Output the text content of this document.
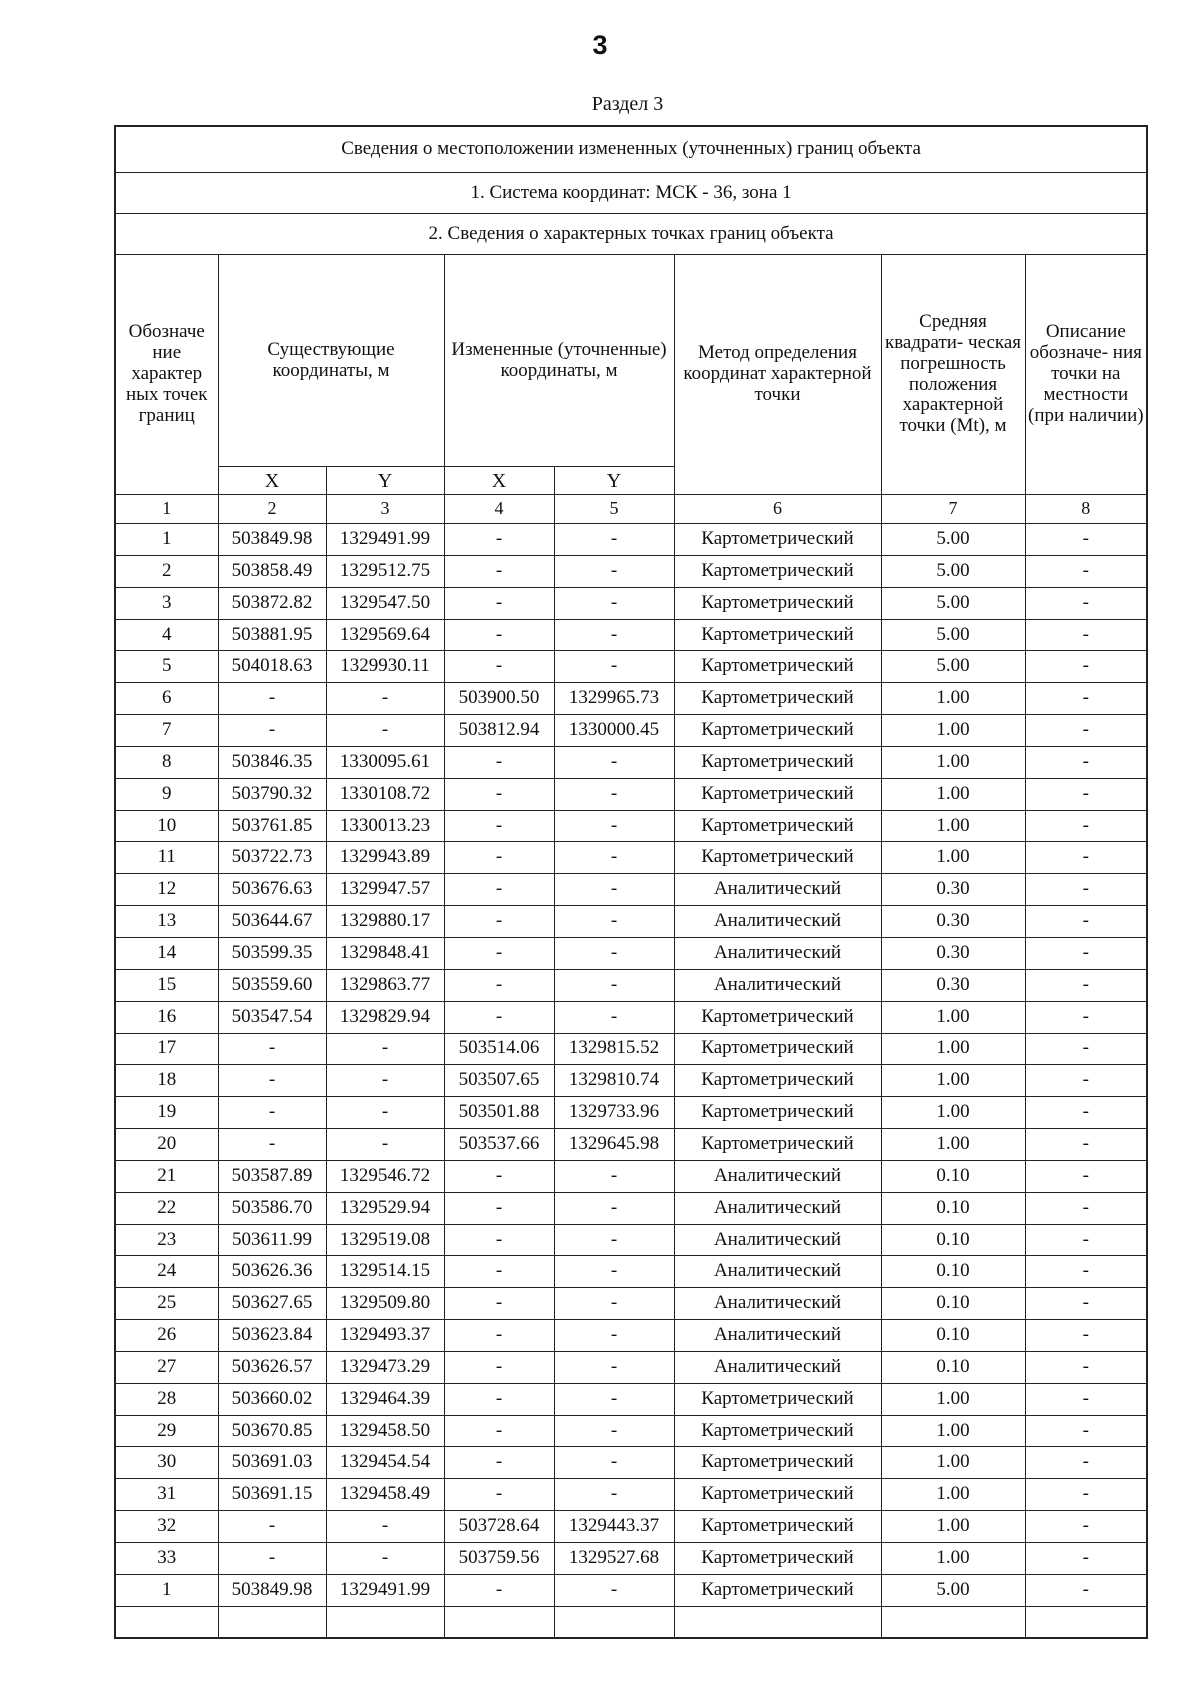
3
Раздел 3
Сведения о местоположении измененных (уточненных) границ объекта							
1. Система координат: МСК - 36, зона 1							
2. Сведения о характерных точках границ объекта							
Обозначе ние характер ных точек границ	Существующие координаты, м		Измененные (уточненные) координаты, м		Метод определения координат характерной точки	Средняя квадрати- ческая погрешность положения характерной точки (Mt), м	Описание обозначе- ния точки на местности (при наличии)
	X	Y	X	Y			
1	2	3	4	5	6	7	8
1	503849.98	1329491.99	-	-	Картометрический	5.00	-
2	503858.49	1329512.75	-	-	Картометрический	5.00	-
3	503872.82	1329547.50	-	-	Картометрический	5.00	-
4	503881.95	1329569.64	-	-	Картометрический	5.00	-
5	504018.63	1329930.11	-	-	Картометрический	5.00	-
6	-	-	503900.50	1329965.73	Картометрический	1.00	-
7	-	-	503812.94	1330000.45	Картометрический	1.00	-
8	503846.35	1330095.61	-	-	Картометрический	1.00	-
9	503790.32	1330108.72	-	-	Картометрический	1.00	-
10	503761.85	1330013.23	-	-	Картометрический	1.00	-
11	503722.73	1329943.89	-	-	Картометрический	1.00	-
12	503676.63	1329947.57	-	-	Аналитический	0.30	-
13	503644.67	1329880.17	-	-	Аналитический	0.30	-
14	503599.35	1329848.41	-	-	Аналитический	0.30	-
15	503559.60	1329863.77	-	-	Аналитический	0.30	-
16	503547.54	1329829.94	-	-	Картометрический	1.00	-
17	-	-	503514.06	1329815.52	Картометрический	1.00	-
18	-	-	503507.65	1329810.74	Картометрический	1.00	-
19	-	-	503501.88	1329733.96	Картометрический	1.00	-
20	-	-	503537.66	1329645.98	Картометрический	1.00	-
21	503587.89	1329546.72	-	-	Аналитический	0.10	-
22	503586.70	1329529.94	-	-	Аналитический	0.10	-
23	503611.99	1329519.08	-	-	Аналитический	0.10	-
24	503626.36	1329514.15	-	-	Аналитический	0.10	-
25	503627.65	1329509.80	-	-	Аналитический	0.10	-
26	503623.84	1329493.37	-	-	Аналитический	0.10	-
27	503626.57	1329473.29	-	-	Аналитический	0.10	-
28	503660.02	1329464.39	-	-	Картометрический	1.00	-
29	503670.85	1329458.50	-	-	Картометрический	1.00	-
30	503691.03	1329454.54	-	-	Картометрический	1.00	-
31	503691.15	1329458.49	-	-	Картометрический	1.00	-
32	-	-	503728.64	1329443.37	Картометрический	1.00	-
33	-	-	503759.56	1329527.68	Картометрический	1.00	-
1	503849.98	1329491.99	-	-	Картометрический	5.00	-
